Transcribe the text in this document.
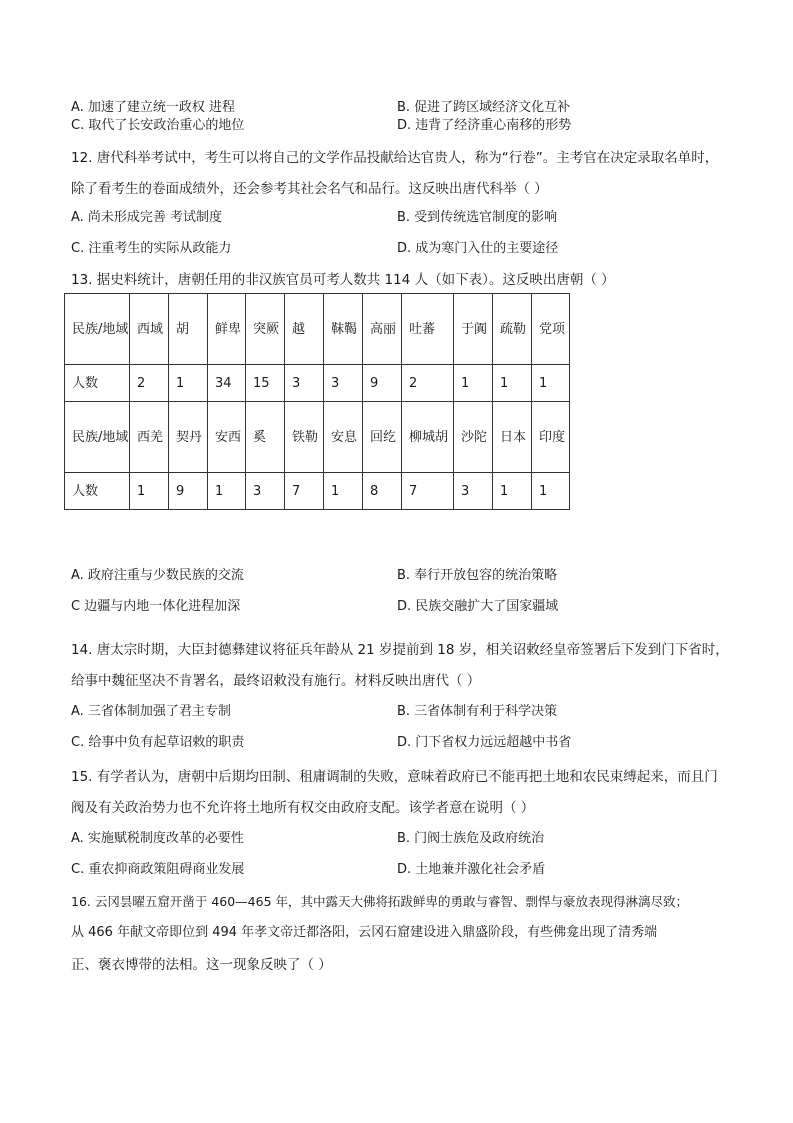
A. 加速了建立统一政权 进程	B. 促进了跨区域经济文化互补
C. 取代了长安政治重心的地位	D. 违背了经济重心南移的形势
12. 唐代科举考试中，考生可以将自己的文学作品投献给达官贵人，称为“行卷”。主考官在决定录取名单时，除了看考生的卷面成绩外，还会参考其社会名气和品行。这反映出唐代科举（ ）
A. 尚未形成完善 考试制度	B. 受到传统选官制度的影响
C. 注重考生的实际从政能力	D. 成为寒门入仕的主要途径
13. 据史料统计，唐朝任用的非汉族官员可考人数共 114 人（如下表）。这反映出唐朝（ ）
民族/地域	西域	胡	鲜卑	突厥	越	靺鞨	高丽	吐蕃	于阗	疏勒	党项
人数	2	1	34	15	3	3	9	2	1	1	1
民族/地域	西羌	契丹	安西	奚	铁勒	安息	回纥	柳城胡	沙陀	日本	印度
人数	1	9	1	3	7	1	8	7	3	1	1
A. 政府注重与少数民族的交流	B. 奉行开放包容的统治策略
C 边疆与内地一体化进程加深	D. 民族交融扩大了国家疆域
14. 唐太宗时期，大臣封德彝建议将征兵年龄从 21 岁提前到 18 岁，相关诏敕经皇帝签署后下发到门下省时，给事中魏征坚决不肯署名，最终诏敕没有施行。材料反映出唐代（ ）
A. 三省体制加强了君主专制	B. 三省体制有利于科学决策
C. 给事中负有起草诏敕的职责	D. 门下省权力远远超越中书省
15. 有学者认为，唐朝中后期均田制、租庸调制的失败，意味着政府已不能再把土地和农民束缚起来，而且门阀及有关政治势力也不允许将土地所有权交由政府支配。该学者意在说明（ ）
A. 实施赋税制度改革的必要性	B. 门阀士族危及政府统治
C. 重农抑商政策阻碍商业发展	D. 土地兼并激化社会矛盾
16. 云冈昙曜五窟开凿于 460—465 年，其中露天大佛将拓跋鲜卑的勇敢与睿智、剽悍与豪放表现得淋漓尽致；
从 466 年献文帝即位到 494 年孝文帝迁都洛阳，云冈石窟建设进入鼎盛阶段，有些佛龛出现了清秀端
正、褒衣博带的法相。这一现象反映了（ ）
